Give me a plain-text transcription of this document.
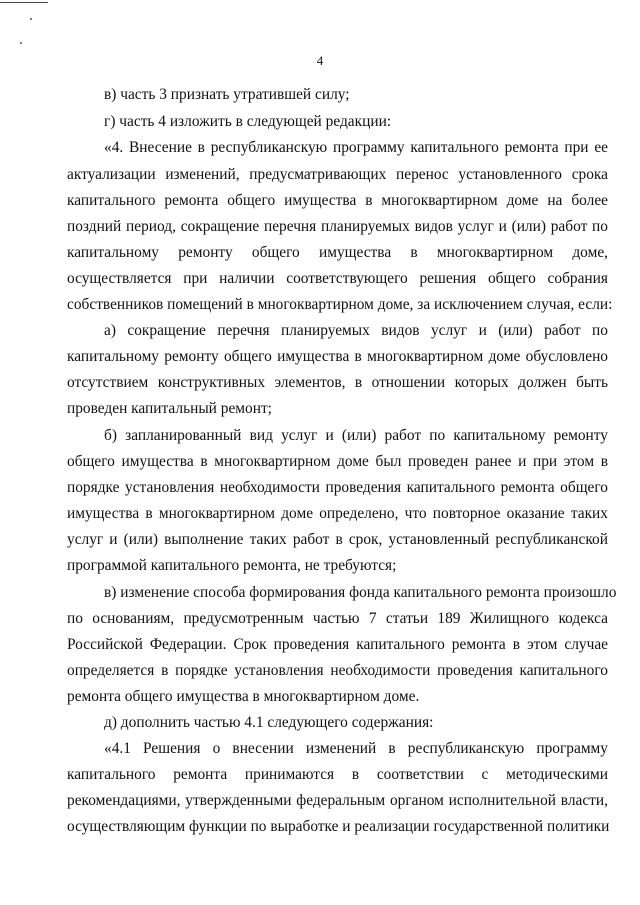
4
в) часть 3 признать утратившей силу;
г) часть 4 изложить в следующей редакции:
«4. Внесение в республиканскую программу капитального ремонта при ее
актуализации изменений, предусматривающих перенос установленного срока
капитального ремонта общего имущества в многоквартирном доме на более
поздний период, сокращение перечня планируемых видов услуг и (или) работ по
капитальному ремонту общего имущества в многоквартирном доме,
осуществляется при наличии соответствующего решения общего собрания
собственников помещений в многоквартирном доме, за исключением случая, если:
а) сокращение перечня планируемых видов услуг и (или) работ по
капитальному ремонту общего имущества в многоквартирном доме обусловлено
отсутствием конструктивных элементов, в отношении которых должен быть
проведен капитальный ремонт;
б) запланированный вид услуг и (или) работ по капитальному ремонту
общего имущества в многоквартирном доме был проведен ранее и при этом в
порядке установления необходимости проведения капитального ремонта общего
имущества в многоквартирном доме определено, что повторное оказание таких
услуг и (или) выполнение таких работ в срок, установленный республиканской
программой капитального ремонта, не требуются;
в) изменение способа формирования фонда капитального ремонта произошло
по основаниям, предусмотренным частью 7 статьи 189 Жилищного кодекса
Российской Федерации. Срок проведения капитального ремонта в этом случае
определяется в порядке установления необходимости проведения капитального
ремонта общего имущества в многоквартирном доме.
д) дополнить частью 4.1 следующего содержания:
«4.1 Решения о внесении изменений в республиканскую программу
капитального ремонта принимаются в соответствии с методическими
рекомендациями, утвержденными федеральным органом исполнительной власти,
осуществляющим функции по выработке и реализации государственной политики
